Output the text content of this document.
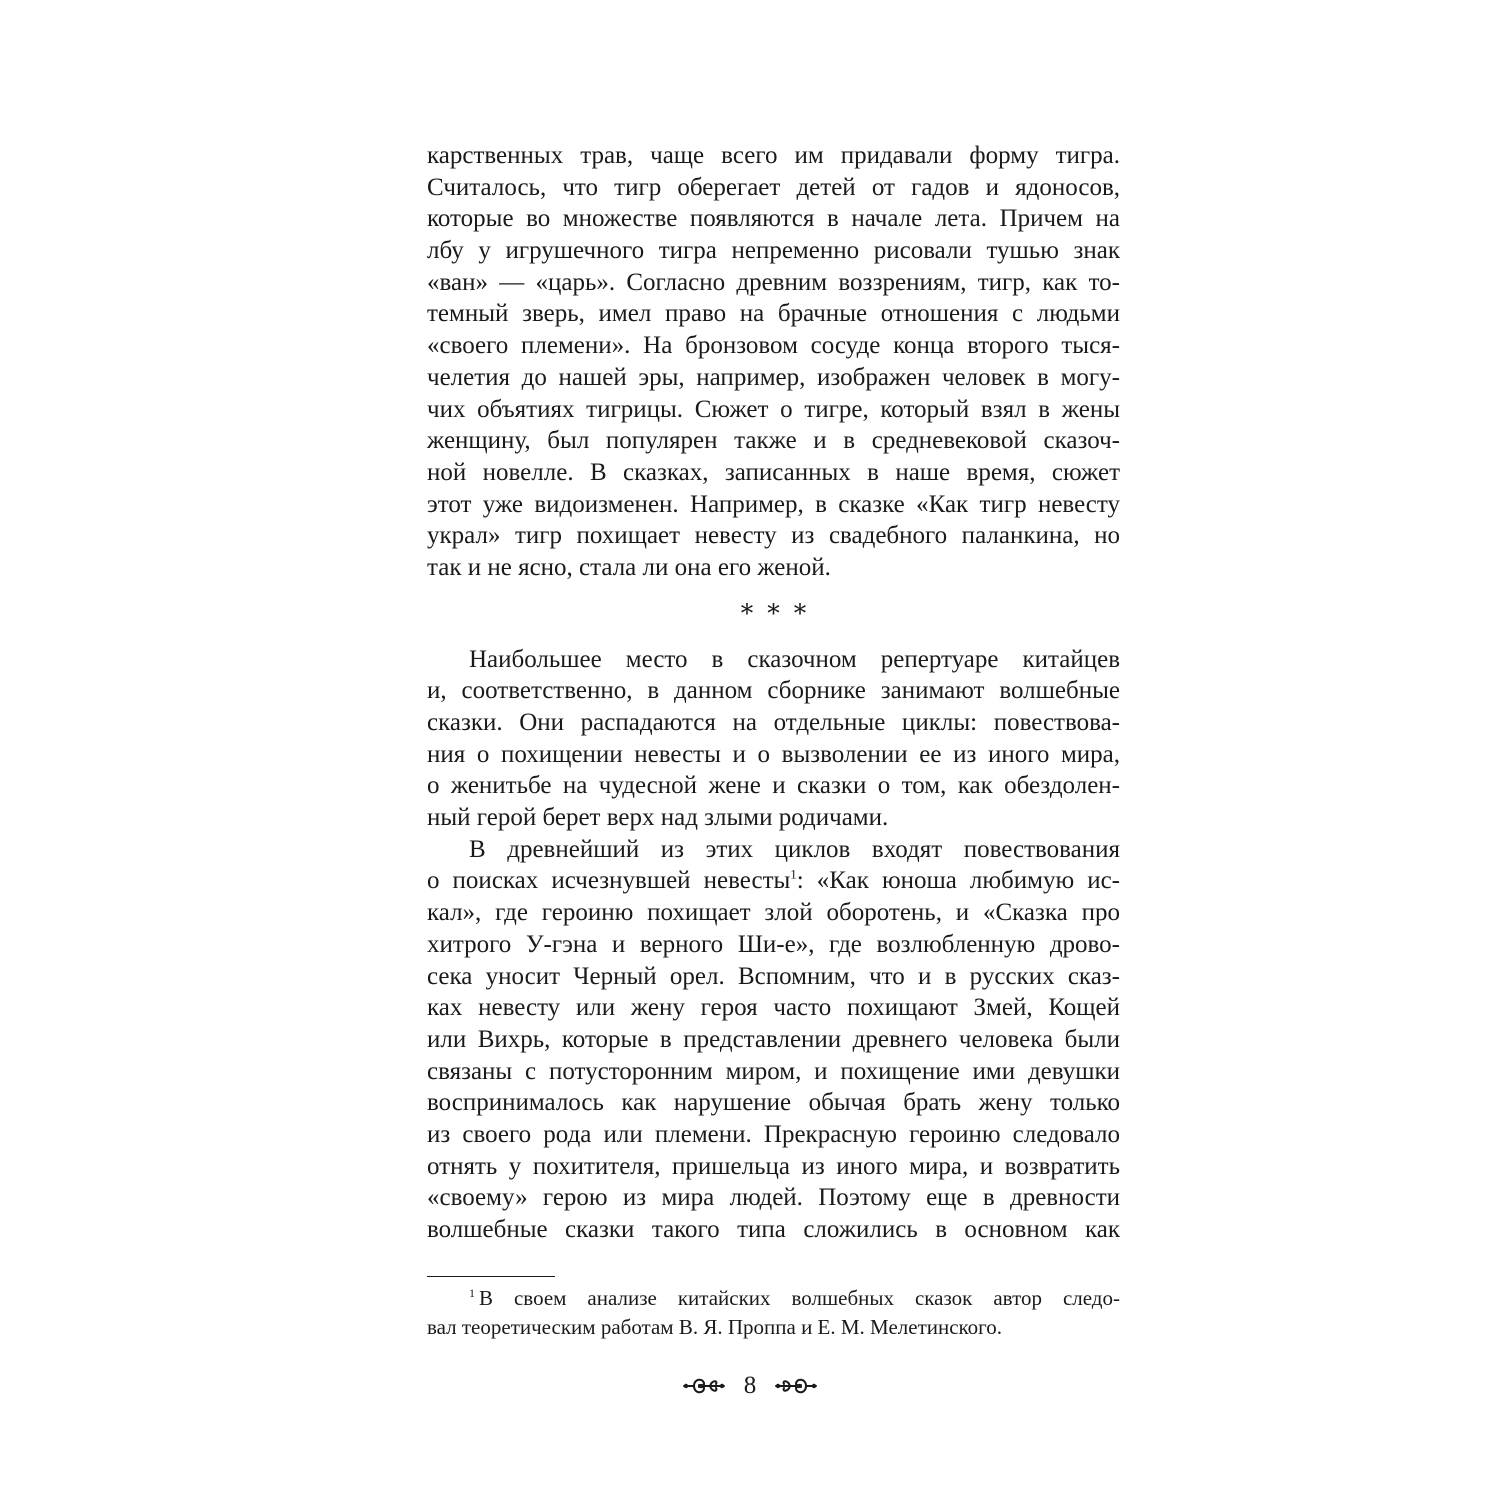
карственных трав, чаще всего им придавали форму тигра.
Считалось, что тигр оберегает детей от гадов и ядоносов,
которые во множестве появляются в начале лета. Причем на
лбу у игрушечного тигра непременно рисовали тушью знак
«ван» — «царь». Согласно древним воззрениям, тигр, как то-
темный зверь, имел право на брачные отношения с людьми
«своего племени». На бронзовом сосуде конца второго тыся-
челетия до нашей эры, например, изображен человек в могу-
чих объятиях тигрицы. Сюжет о тигре, который взял в жены
женщину, был популярен также и в средневековой сказоч-
ной новелле. В сказках, записанных в наше время, сюжет
этот уже видоизменен. Например, в сказке «Как тигр невесту
украл» тигр похищает невесту из свадебного паланкина, но
так и не ясно, стала ли она его женой.
***
Наибольшее место в сказочном репертуаре китайцев
и, соответственно, в данном сборнике занимают волшебные
сказки. Они распадаются на отдельные циклы: повествова-
ния о похищении невесты и о вызволении ее из иного мира,
о женитьбе на чудесной жене и сказки о том, как обездолен-
ный герой берет верх над злыми родичами.
В древнейший из этих циклов входят повествования
о поисках исчезнувшей невесты$^1$: «Как юноша любимую ис-
кал», где героиню похищает злой оборотень, и «Сказка про
хитрого У-гэна и верного Ши-е», где возлюбленную дрово-
сека уносит Черный орел. Вспомним, что и в русских сказ-
ках невесту или жену героя часто похищают Змей, Кощей
или Вихрь, которые в представлении древнего человека были
связаны с потусторонним миром, и похищение ими девушки
воспринималось как нарушение обычая брать жену только
из своего рода или племени. Прекрасную героиню следовало
отнять у похитителя, пришельца из иного мира, и возвратить
«своему» герою из мира людей. Поэтому еще в древности
волшебные сказки такого типа сложились в основном как
$^1$ В своем анализе китайских волшебных сказок автор следо-
вал теоретическим работам В. Я. Проппа и Е. М. Мелетинского.
8
